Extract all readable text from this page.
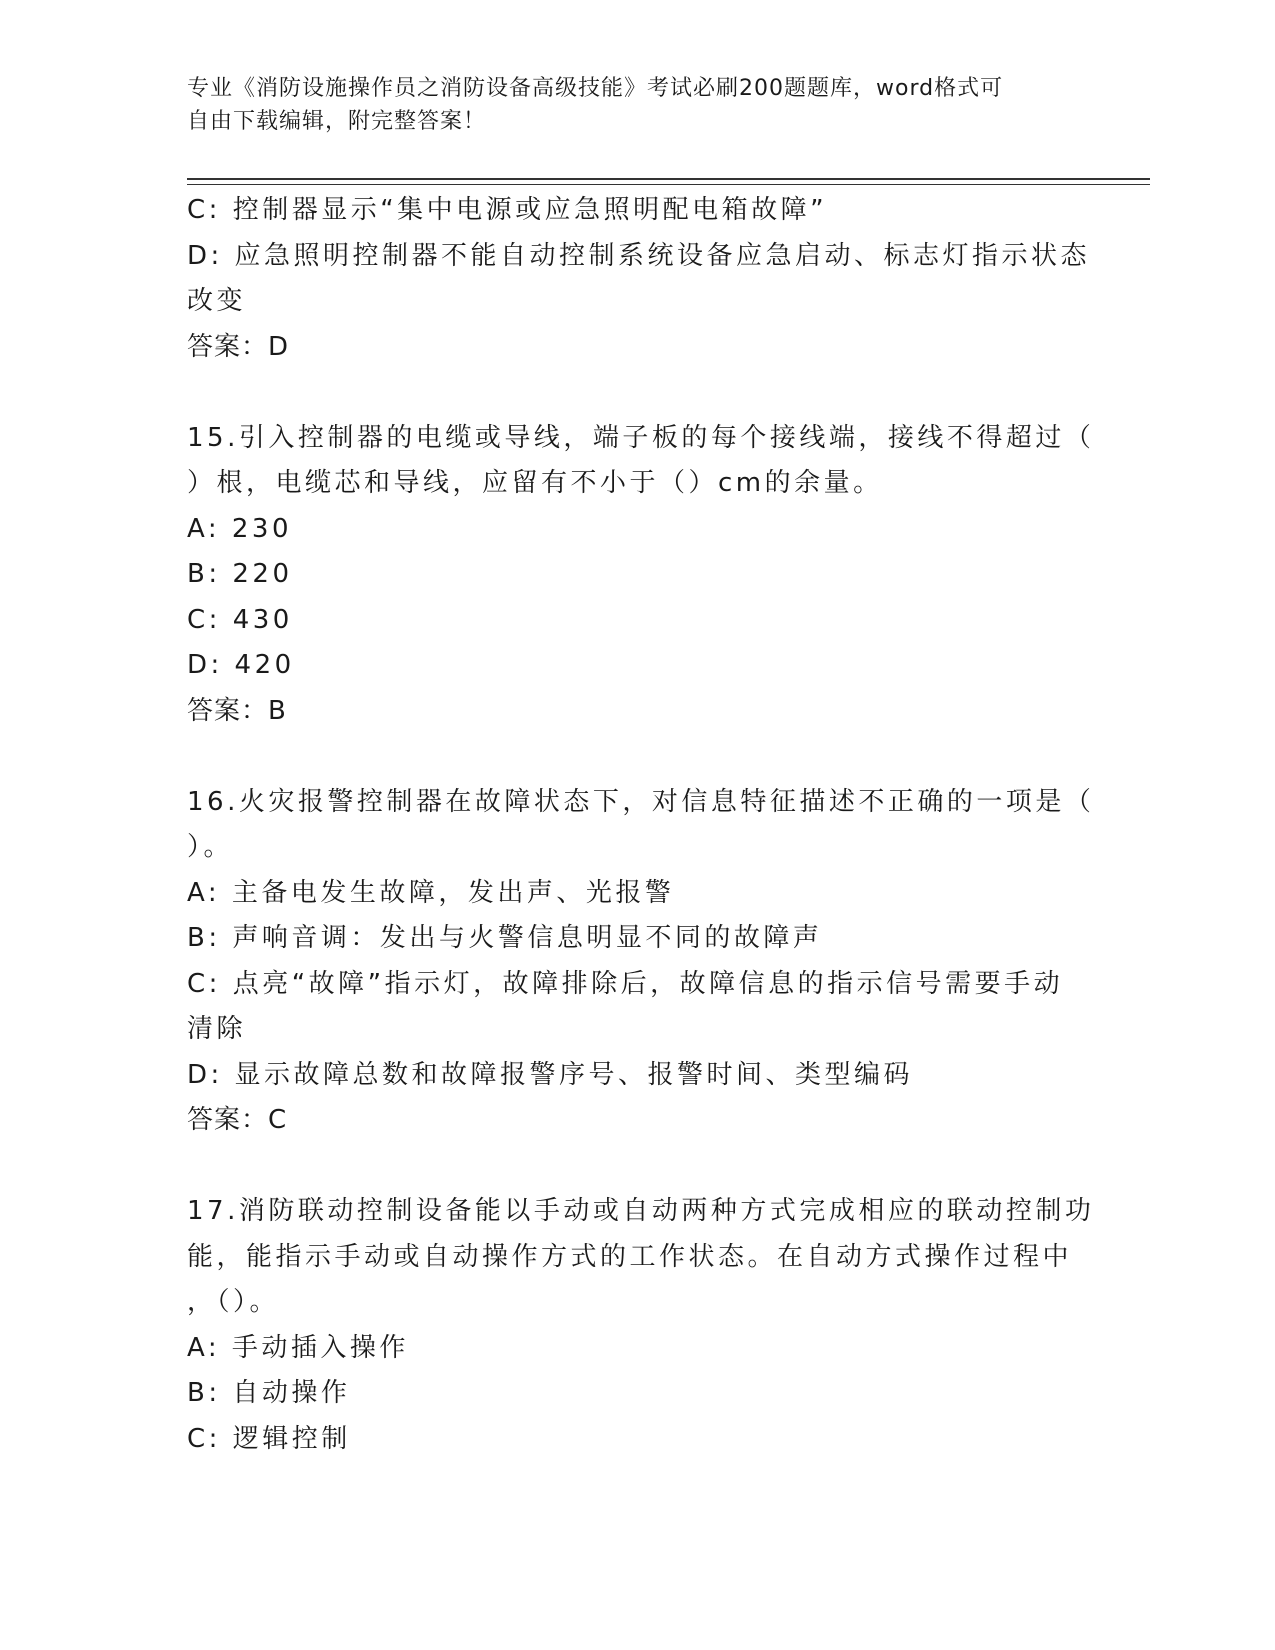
专业《消防设施操作员之消防设备高级技能》考试必刷200题题库，word格式可
自由下载编辑，附完整答案！

C: 控制器显示“集中电源或应急照明配电箱故障”

D: 应急照明控制器不能自动控制系统设备应急启动、标志灯指示状态

改变

答案：D

15.引入控制器的电缆或导线，端子板的每个接线端，接线不得超过（

）根，电缆芯和导线，应留有不小于（）cm的余量。

A: 230

B: 220

C: 430

D: 420

答案：B

16.火灾报警控制器在故障状态下，对信息特征描述不正确的一项是（

）。

A: 主备电发生故障，发出声、光报警

B: 声响音调：发出与火警信息明显不同的故障声

C: 点亮“故障”指示灯，故障排除后，故障信息的指示信号需要手动

清除

D: 显示故障总数和故障报警序号、报警时间、类型编码

答案：C

17.消防联动控制设备能以手动或自动两种方式完成相应的联动控制功

能，能指示手动或自动操作方式的工作状态。在自动方式操作过程中

，（）。

A: 手动插入操作

B: 自动操作

C: 逻辑控制
